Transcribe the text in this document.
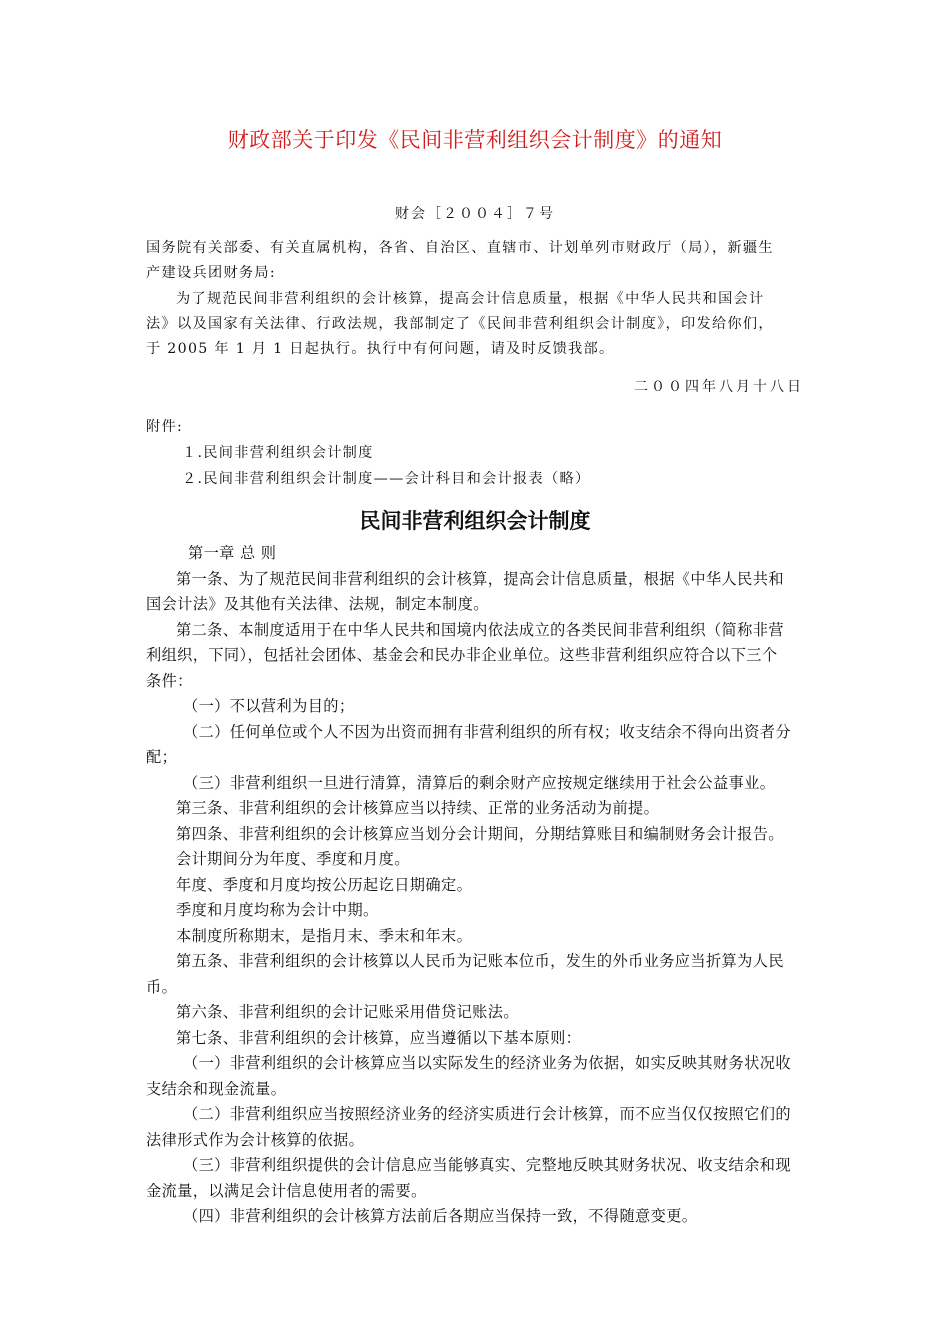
财政部关于印发《民间非营利组织会计制度》的通知
财会［２００４］７号
国务院有关部委、有关直属机构，各省、自治区、直辖市、计划单列市财政厅（局），新疆生
产建设兵团财务局:
为了规范民间非营利组织的会计核算，提高会计信息质量，根据《中华人民共和国会计
法》以及国家有关法律、行政法规，我部制定了《民间非营利组织会计制度》，印发给你们，
于 2005 年 1 月 1 日起执行。执行中有何问题，请及时反馈我部。
二００四年八月十八日
附件:
１.民间非营利组织会计制度
２.民间非营利组织会计制度——会计科目和会计报表（略）
民间非营利组织会计制度
第一章 总 则
第一条、为了规范民间非营利组织的会计核算，提高会计信息质量，根据《中华人民共和
国会计法》及其他有关法律、法规，制定本制度。
第二条、本制度适用于在中华人民共和国境内依法成立的各类民间非营利组织（简称非营
利组织，下同），包括社会团体、基金会和民办非企业单位。这些非营利组织应符合以下三个
条件：
（一）不以营利为目的；
（二）任何单位或个人不因为出资而拥有非营利组织的所有权；收支结余不得向出资者分
配；
（三）非营利组织一旦进行清算，清算后的剩余财产应按规定继续用于社会公益事业。
第三条、非营利组织的会计核算应当以持续、正常的业务活动为前提。
第四条、非营利组织的会计核算应当划分会计期间，分期结算账目和编制财务会计报告。
会计期间分为年度、季度和月度。
年度、季度和月度均按公历起讫日期确定。
季度和月度均称为会计中期。
本制度所称期末，是指月末、季末和年末。
第五条、非营利组织的会计核算以人民币为记账本位币，发生的外币业务应当折算为人民
币。
第六条、非营利组织的会计记账采用借贷记账法。
第七条、非营利组织的会计核算，应当遵循以下基本原则：
（一）非营利组织的会计核算应当以实际发生的经济业务为依据，如实反映其财务状况收
支结余和现金流量。
（二）非营利组织应当按照经济业务的经济实质进行会计核算，而不应当仅仅按照它们的
法律形式作为会计核算的依据。
（三）非营利组织提供的会计信息应当能够真实、完整地反映其财务状况、收支结余和现
金流量，以满足会计信息使用者的需要。
（四）非营利组织的会计核算方法前后各期应当保持一致，不得随意变更。
